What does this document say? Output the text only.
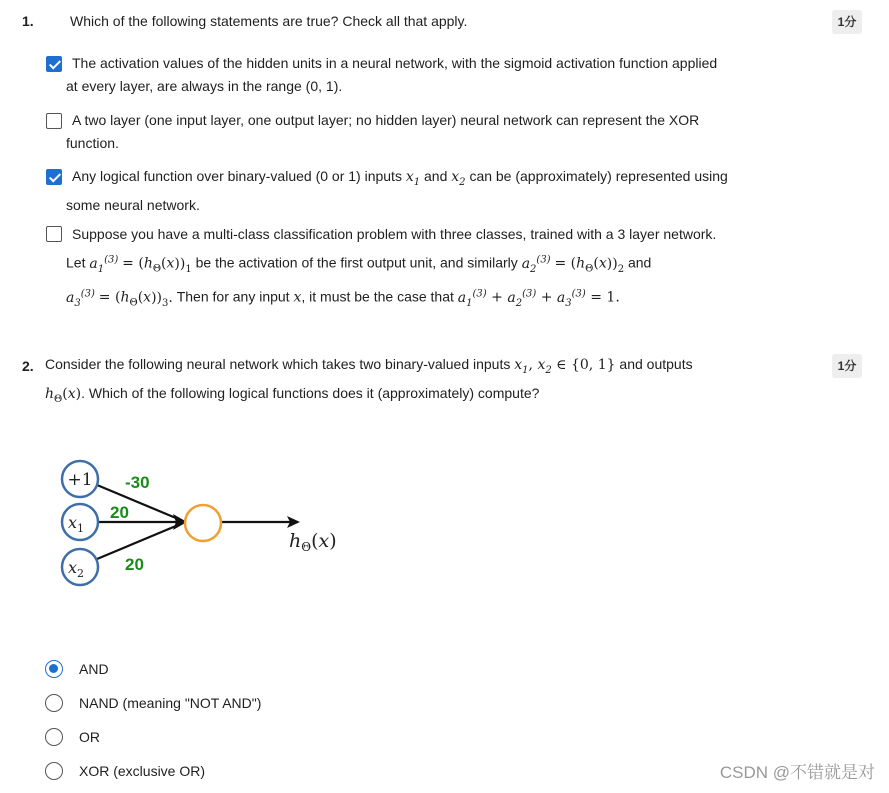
1.	Which of the following statements are true? Check all that apply.	1分
The activation values of the hidden units in a neural network, with the sigmoid activation function applied

at every layer, are always in the range (0, 1).
A two layer (one input layer, one output layer; no hidden layer) neural network can represent the XOR

function.
Any logical function over binary-valued (0 or 1) inputs $x_1$ and $x_2$ can be (approximately) represented using

some neural network.
Suppose you have a multi-class classification problem with three classes, trained with a 3 layer network.

Let $a_1^{(3)} = (h_\Theta(x))_1$ be the activation of the first output unit, and similarly $a_2^{(3)} = (h_\Theta(x))_2$ and
$a_3^{(3)} = (h_\Theta(x))_3$. Then for any input x, it must be the case that $a_1^{(3)} + a_2^{(3)} + a_3^{(3)} = 1$.
2. Consider the following neural network which takes two binary-valued inputs $x_1$, $x_2$ ∈ {0, 1} and outputs
$h_\Theta(x)$. Which of the following logical functions does it (approximately) compute?
1分
+1
$x_1$
$x_2$
-30
20
20
$h_\Theta(x)$
AND
NAND (meaning "NOT AND")
OR
XOR (exclusive OR)	CSDN @不错就是对
